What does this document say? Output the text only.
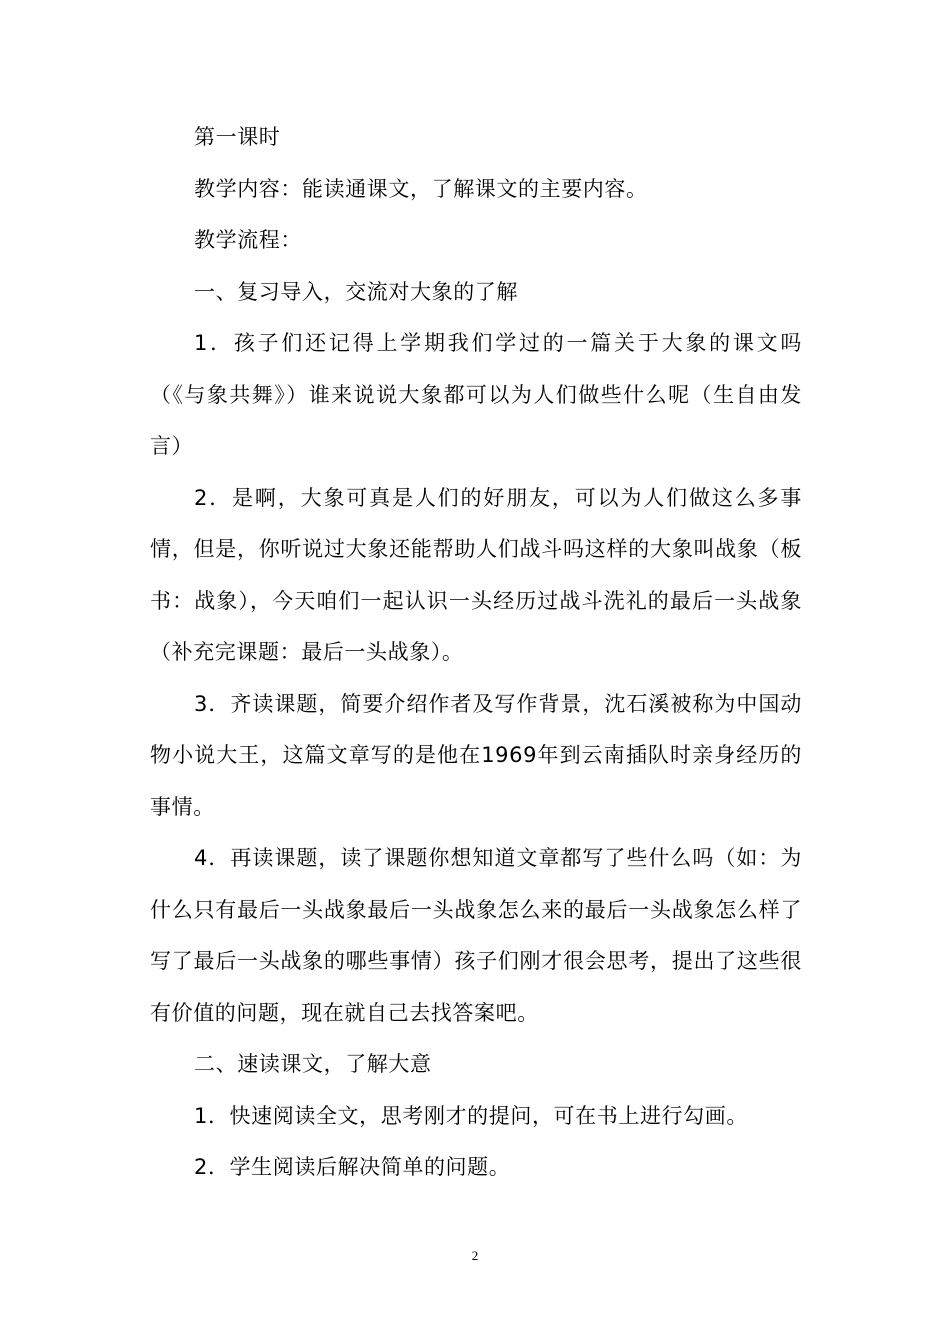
第一课时

教学内容：能读通课文，了解课文的主要内容。

教学流程：

一、复习导入，交流对大象的了解

1．孩子们还记得上学期我们学过的一篇关于大象的课文吗（《与象共舞》）谁来说说大象都可以为人们做些什么呢（生自由发言）

2．是啊，大象可真是人们的好朋友，可以为人们做这么多事情，但是，你听说过大象还能帮助人们战斗吗这样的大象叫战象（板书：战象），今天咱们一起认识一头经历过战斗洗礼的最后一头战象（补充完课题：最后一头战象）。

3．齐读课题，简要介绍作者及写作背景，沈石溪被称为中国动物小说大王，这篇文章写的是他在1969年到云南插队时亲身经历的事情。

4．再读课题，读了课题你想知道文章都写了些什么吗（如：为什么只有最后一头战象最后一头战象怎么来的最后一头战象怎么样了写了最后一头战象的哪些事情）孩子们刚才很会思考，提出了这些很有价值的问题，现在就自己去找答案吧。

二、速读课文，了解大意

1．快速阅读全文，思考刚才的提问，可在书上进行勾画。

2．学生阅读后解决简单的问题。

2
